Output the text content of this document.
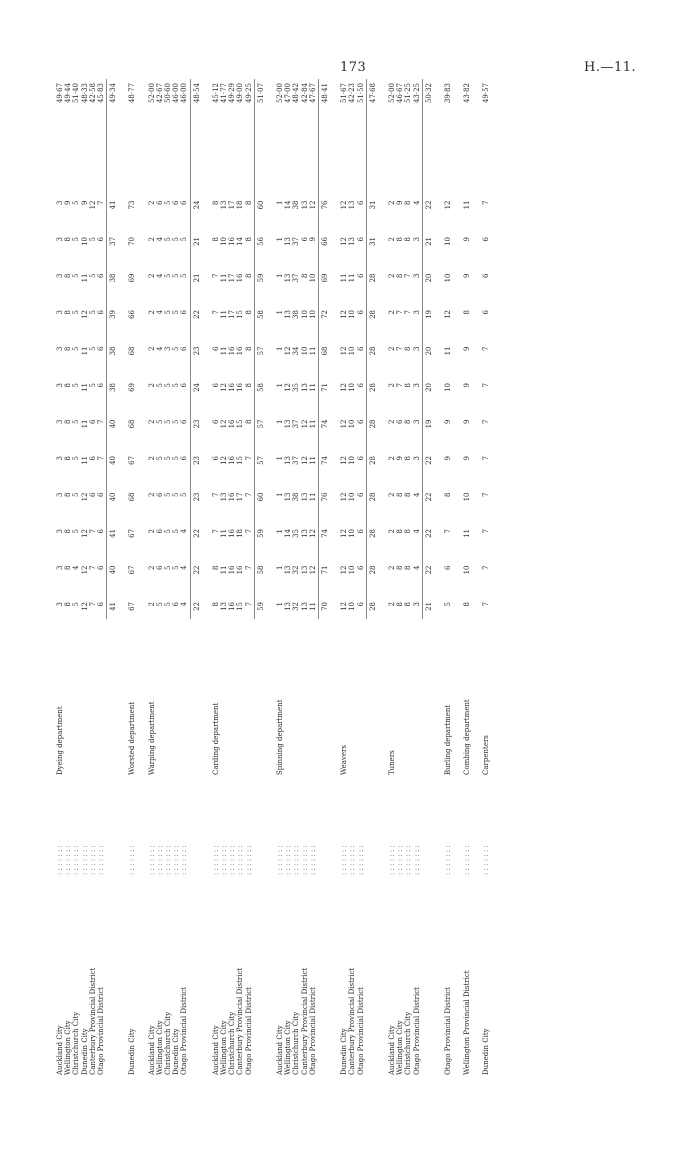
173	H.—11.
Dyeing department
Auckland City
: : : : : : :
3
3
3
3
3
3
3
3
3
3
3
3
49·67
Wellington City
: : : : : : :
8
8
8
8
8
8
8
8
8
8
8
9
49·44
Christchurch City
: : : : : : :
5
4
5
5
5
5
5
5
5
5
5
5
51·40
Dunedin City
: : : : : : :
12
12
12
12
11
11
11
11
12
11
10
9
48·33
Canterbury Provincial District
: : : : : : :
7
7
7
6
6
6
5
5
5
5
5
12
42·58
Otago Provincial District
: : : : : : :
6
6
6
6
7
7
6
6
6
6
6
7
45·83
41
40
41
40
40
40
38
38
39
38
37
41
49·34
Worsted department
Dunedin City
: : : : : : :
67
67
67
68
67
68
69
68
66
69
70
73
48·77
Warping department
Auckland City
: : : : : : :
2
2
2
2
2
2
2
2
2
2
2
2
52·00
Wellington City
: : : : : : :
5
6
6
6
5
5
5
4
4
4
4
6
42·67
Christchurch City
: : : : : : :
5
5
5
5
5
5
5
3
5
5
5
5
50·60
Dunedin City
: : : : : : :
6
5
5
5
5
5
5
5
5
5
5
6
46·00
Otago Provincial District
: : : : : : :
4
4
4
5
6
6
6
6
6
5
5
6
46·00
22
22
22
23
23
23
24
23
22
21
21
24
48·54
Carding department
Auckland City
: : : : : : :
8
8
7
7
6
6
6
6
7
7
8
8
45·12
Wellington City
: : : : : : :
13
11
11
13
12
12
12
11
11
11
10
13
41·77
Christchurch City
: : : : : : :
16
16
16
16
16
16
16
16
17
17
16
17
49·29
Canterbury Provincial District
: : : : : : :
15
16
18
17
15
15
16
16
15
16
14
18
49·00
Otago Provincial District
: : : : : : :
7
7
7
7
7
8
8
8
8
8
8
8
49·25
59
58
59
60
57
57
58
57
58
59
56
60
51·07
Spinning department
Auckland City
: : : : : : :
1
1
1
1
1
1
1
1
1
1
1
1
52·00
Wellington City
: : : : : : :
13
13
14
13
13
13
12
12
13
13
13
14
47·00
Christchurch City
: : : : : : :
32
32
35
38
37
37
35
34
38
37
37
38
48·42
Canterbury Provincial District
: : : : : : :
13
13
13
13
12
12
13
10
10
8
6
13
42·84
Otago Provincial District
: : : : : : :
11
12
12
11
11
11
11
11
10
10
9
12
47·67
70
71
74
76
74
74
71
68
72
69
66
76
48·41
Weavers
Dunedin City
: : : : : : :
12
12
12
12
12
12
12
12
12
11
12
12
51·67
Canterbury Provincial District
: : : : : : :
10
10
10
10
10
10
10
10
10
11
13
13
42·23
Otago Provincial District
: : : : : : :
6
6
6
6
6
6
6
6
6
6
6
6
51·50
28
28
28
28
28
28
28
28
28
28
31
31
47·68
Tuners
Auckland City
: : : : : : :
2
2
2
2
2
2
2
2
2
2
2
2
52·00
Wellington City
: : : : : : :
8
8
8
8
9
6
7
7
7
8
8
9
46·67
Christchurch City
: : : : : : :
8
8
8
8
8
8
8
8
7
7
8
8
51·25
Otago Provincial District
: : : : : : :
3
4
4
4
3
3
3
3
3
3
3
4
43·25
21
22
22
22
22
19
20
20
19
20
21
22
50·32
Burling department
Otago Provincial District
: : : : : : :
5
6
7
8
9
9
10
11
12
10
10
12
39·83
Combing department
Wellington Provincial District
: : : : : : :
8
10
11
10
9
9
9
9
8
9
9
11
43·82
Carpenters
Dunedin City
: : : : : : :
7
7
7
7
7
7
7
7
6
6
6
7
49·57
